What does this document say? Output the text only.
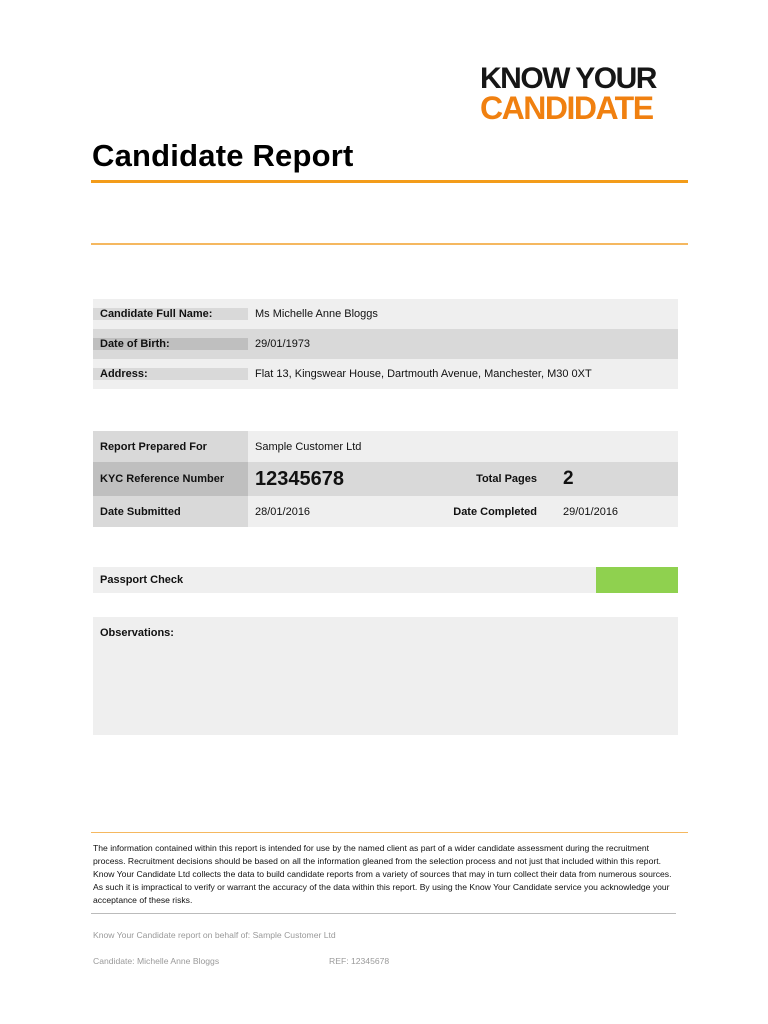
KNOW YOUR
CANDIDATE
Candidate Report
Candidate Full Name:	Ms Michelle Anne Bloggs
Date of Birth:	29/01/1973
Address:	Flat 13, Kingswear House, Dartmouth Avenue, Manchester, M30 0XT
Report Prepared For	Sample Customer Ltd
KYC Reference Number	12345678	Total Pages	2
Date Submitted	28/01/2016	Date Completed	29/01/2016
Passport Check
Observations:
The information contained within this report is intended for use by the named client as part of a wider candidate assessment during the recruitment process. Recruitment decisions should be based on all the information gleaned from the selection process and not just that included within this report. Know Your Candidate Ltd collects the data to build candidate reports from a variety of sources that may in turn collect their data from numerous sources. As such it is impractical to verify or warrant the accuracy of the data within this report. By using the Know Your Candidate service you acknowledge your acceptance of these risks.
Know Your Candidate report on behalf of: Sample Customer Ltd
Candidate: Michelle Anne Bloggs	REF: 12345678
